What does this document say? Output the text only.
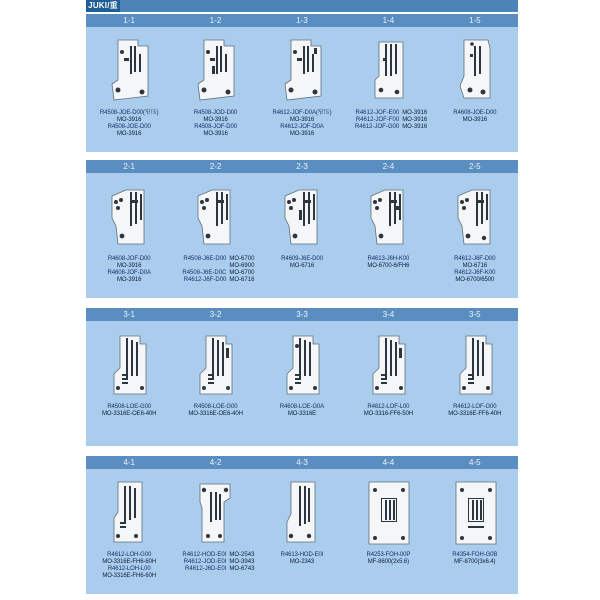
JUKI/重
1-1
R4508-JOE-D00(窄压)
MO-3916
R4508-JOE-D00
MO-3916
1-2
R4508-JOD-D00
MO-3916
R4508-JOF-D00
MO-3916
1-3
R4612-JOF-D0A(窄压)
MO-3916
R4612-JOF-D0A
MO-3916
1-4
R4612-JOF-E00 MO-3916
R4612-JOF-F00 MO-3916
R4612-JOF-G00 MO-3916
1-5
R4608-JOE-D00
MO-3916
2-1
R4608-JOF-D00
MO-3916
R4608-JOF-D0A
MO-3916
2-2
R4508-J6E-D00 MO-6700
MO-6900
R4508-J6E-D0C MO-6700
R4612-J6F-D00 MO-6716
2-3
R4609-J6E-D00
MO-6716
2-4
R4613-J6H-K00
MO-6700-6/FH6
2-5
R4612-J6F-D00
MO-6716
R4612-J6F-K00
MO-6700/6500
3-1
R4508-LOE-G00
MO-3316E-OE6-40H
3-2
R4508-LOE-G00
MO-3316E-OE6-40H
3-3
R4608-LOE-G0A
MO-3316E
3-4
R4612-LOF-L00
MO-3316-FF6-50H
3-5
R4612-LOF-G00
MO-3316E-FF6-40H
4-1
R4612-LOH-G00
MO-3316E-FH6-60H
R4612-LOH-L00
MO-3316E-FH6-60H
4-2
R4612-HOD-E0I MO-2543
R4612-JOD-E0I MO-3943
R4612-J6D-E0I MO-6743
4-3
R4613-HOD-E0I
MO-2343
4-4
R4253-FOH-00P
MF-8600(2x5.6)
4-5
R4354-FOH-G0B
MF-8700(3x6.4)
